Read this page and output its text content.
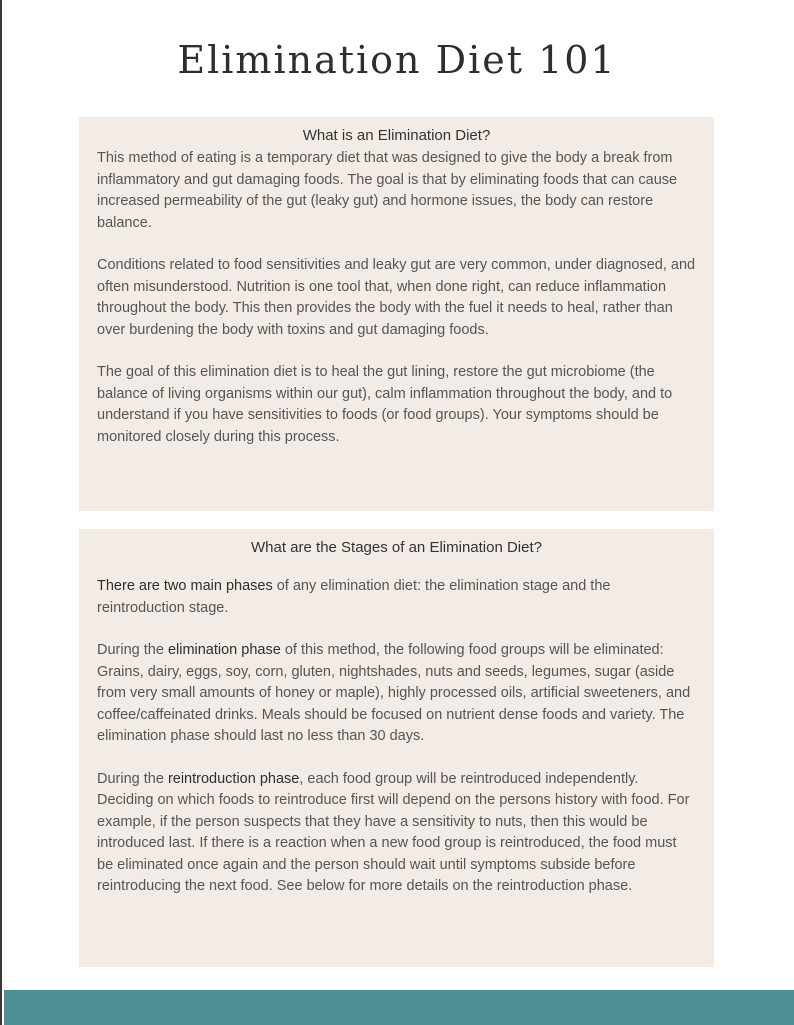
Elimination Diet 101
What is an Elimination Diet?

This method of eating is a temporary diet that was designed to give the body a break from inflammatory and gut damaging foods. The goal is that by eliminating foods that can cause increased permeability of the gut (leaky gut) and hormone issues, the body can restore balance.

Conditions related to food sensitivities and leaky gut are very common, under diagnosed, and often misunderstood. Nutrition is one tool that, when done right, can reduce inflammation throughout the body. This then provides the body with the fuel it needs to heal, rather than over burdening the body with toxins and gut damaging foods.

The goal of this elimination diet is to heal the gut lining, restore the gut microbiome (the balance of living organisms within our gut), calm inflammation throughout the body, and to understand if you have sensitivities to foods (or food groups). Your symptoms should be monitored closely during this process.

What are the Stages of an Elimination Diet?

There are two main phases of any elimination diet: the elimination stage and the reintroduction stage.

During the elimination phase of this method, the following food groups will be eliminated: Grains, dairy, eggs, soy, corn, gluten, nightshades, nuts and seeds, legumes, sugar (aside from very small amounts of honey or maple), highly processed oils, artificial sweeteners, and coffee/caffeinated drinks. Meals should be focused on nutrient dense foods and variety. The elimination phase should last no less than 30 days.

During the reintroduction phase, each food group will be reintroduced independently. Deciding on which foods to reintroduce first will depend on the persons history with food. For example, if the person suspects that they have a sensitivity to nuts, then this would be introduced last. If there is a reaction when a new food group is reintroduced, the food must be eliminated once again and the person should wait until symptoms subside before reintroducing the next food. See below for more details on the reintroduction phase.
